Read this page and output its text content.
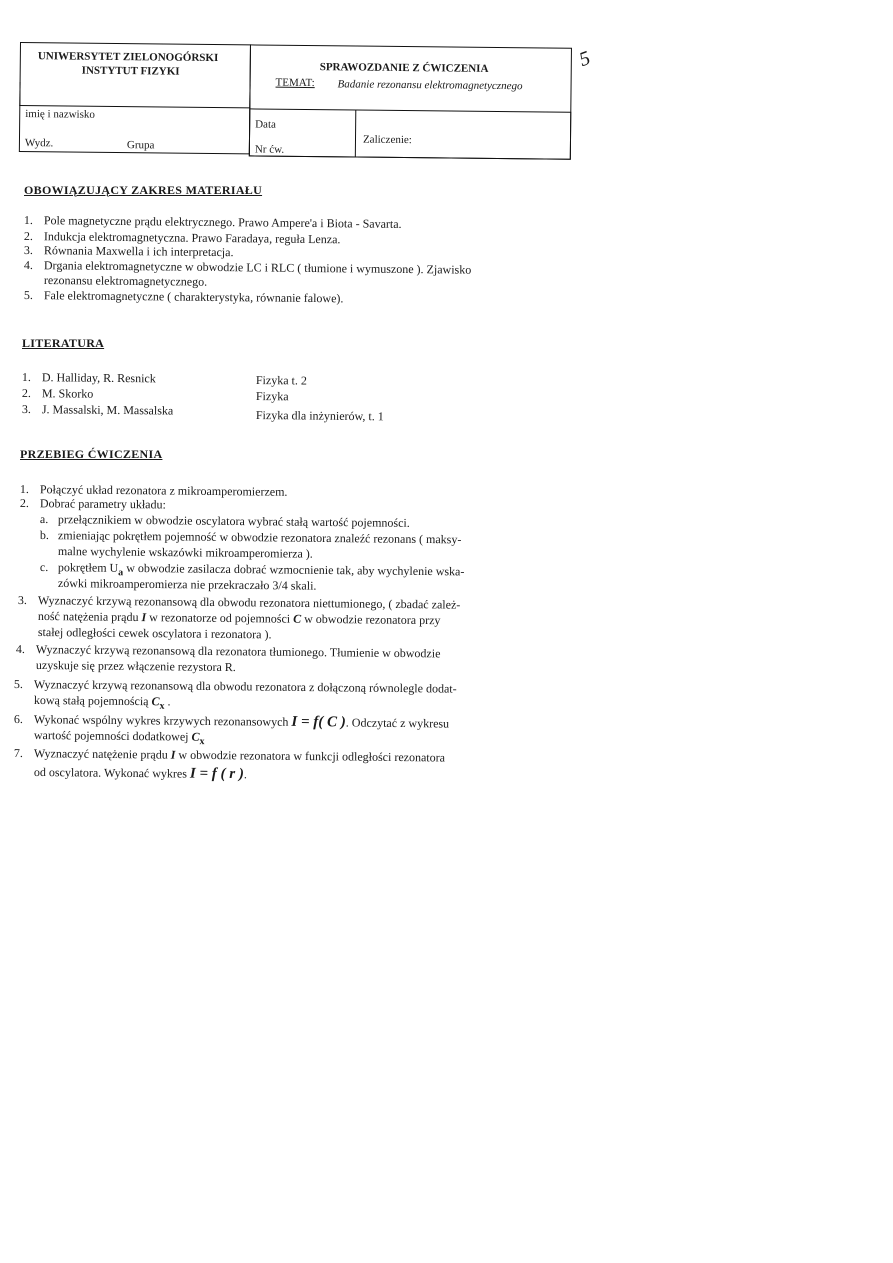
UNIWERSYTET ZIELONOGÓRSKI
INSTYTUT FIZYKI	SPRAWOZDANIE Z ĆWICZENIA
TEMAT: Badanie rezonansu elektromagnetycznego
imię i nazwisko
Wydz.	Grupa
Data
Nr ćw.
Zaliczenie:
5
OBOWIĄZUJĄCY ZAKRES MATERIAŁU
1. Pole magnetyczne prądu elektrycznego. Prawo Ampere'a i Biota - Savarta.
2. Indukcja elektromagnetyczna. Prawo Faradaya, reguła Lenza.
3. Równania Maxwella i ich interpretacja.
4. Drgania elektromagnetyczne w obwodzie LC i RLC ( tłumione i wymuszone ). Zjawisko
rezonansu elektromagnetycznego.
5. Fale elektromagnetyczne ( charakterystyka, równanie falowe).
LITERATURA
1. D. Halliday, R. Resnick	Fizyka t. 2
2. M. Skorko	Fizyka
3. J. Massalski, M. Massalska	Fizyka dla inżynierów, t. 1
PRZEBIEG ĆWICZENIA
1. Połączyć układ rezonatora z mikroamperomierzem.
2. Dobrać parametry układu:
a. przełącznikiem w obwodzie oscylatora wybrać stałą wartość pojemności.
b. zmieniając pokrętłem pojemność w obwodzie rezonatora znaleźć rezonans ( maksy-
malne wychylenie wskazówki mikroamperomierza ).
c. pokrętłem $U_a$ w obwodzie zasilacza dobrać wzmocnienie tak, aby wychylenie wska-
zówki mikroamperomierza nie przekraczało 3/4 skali.
3. Wyznaczyć krzywą rezonansową dla obwodu rezonatora niettumionego, ( zbadać zależ-
ność natężenia prądu I w rezonatorze od pojemności C w obwodzie rezonatora przy
stałej odległości cewek oscylatora i rezonatora ).
4. Wyznaczyć krzywą rezonansową dla rezonatora tłumionego. Tłumienie w obwodzie
uzyskuje się przez włączenie rezystora R.
5. Wyznaczyć krzywą rezonansową dla obwodu rezonatora z dołączoną równolegle dodat-
kową stałą pojemnością $C_x$ .
6. Wykonać wspólny wykres krzywych rezonansowych I = f( C ). Odczytać z wykresu
wartość pojemności dodatkowej $C_x$
7. Wyznaczyć natężenie prądu I w obwodzie rezonatora w funkcji odległości rezonatora
od oscylatora. Wykonać wykres I = f ( r ).
